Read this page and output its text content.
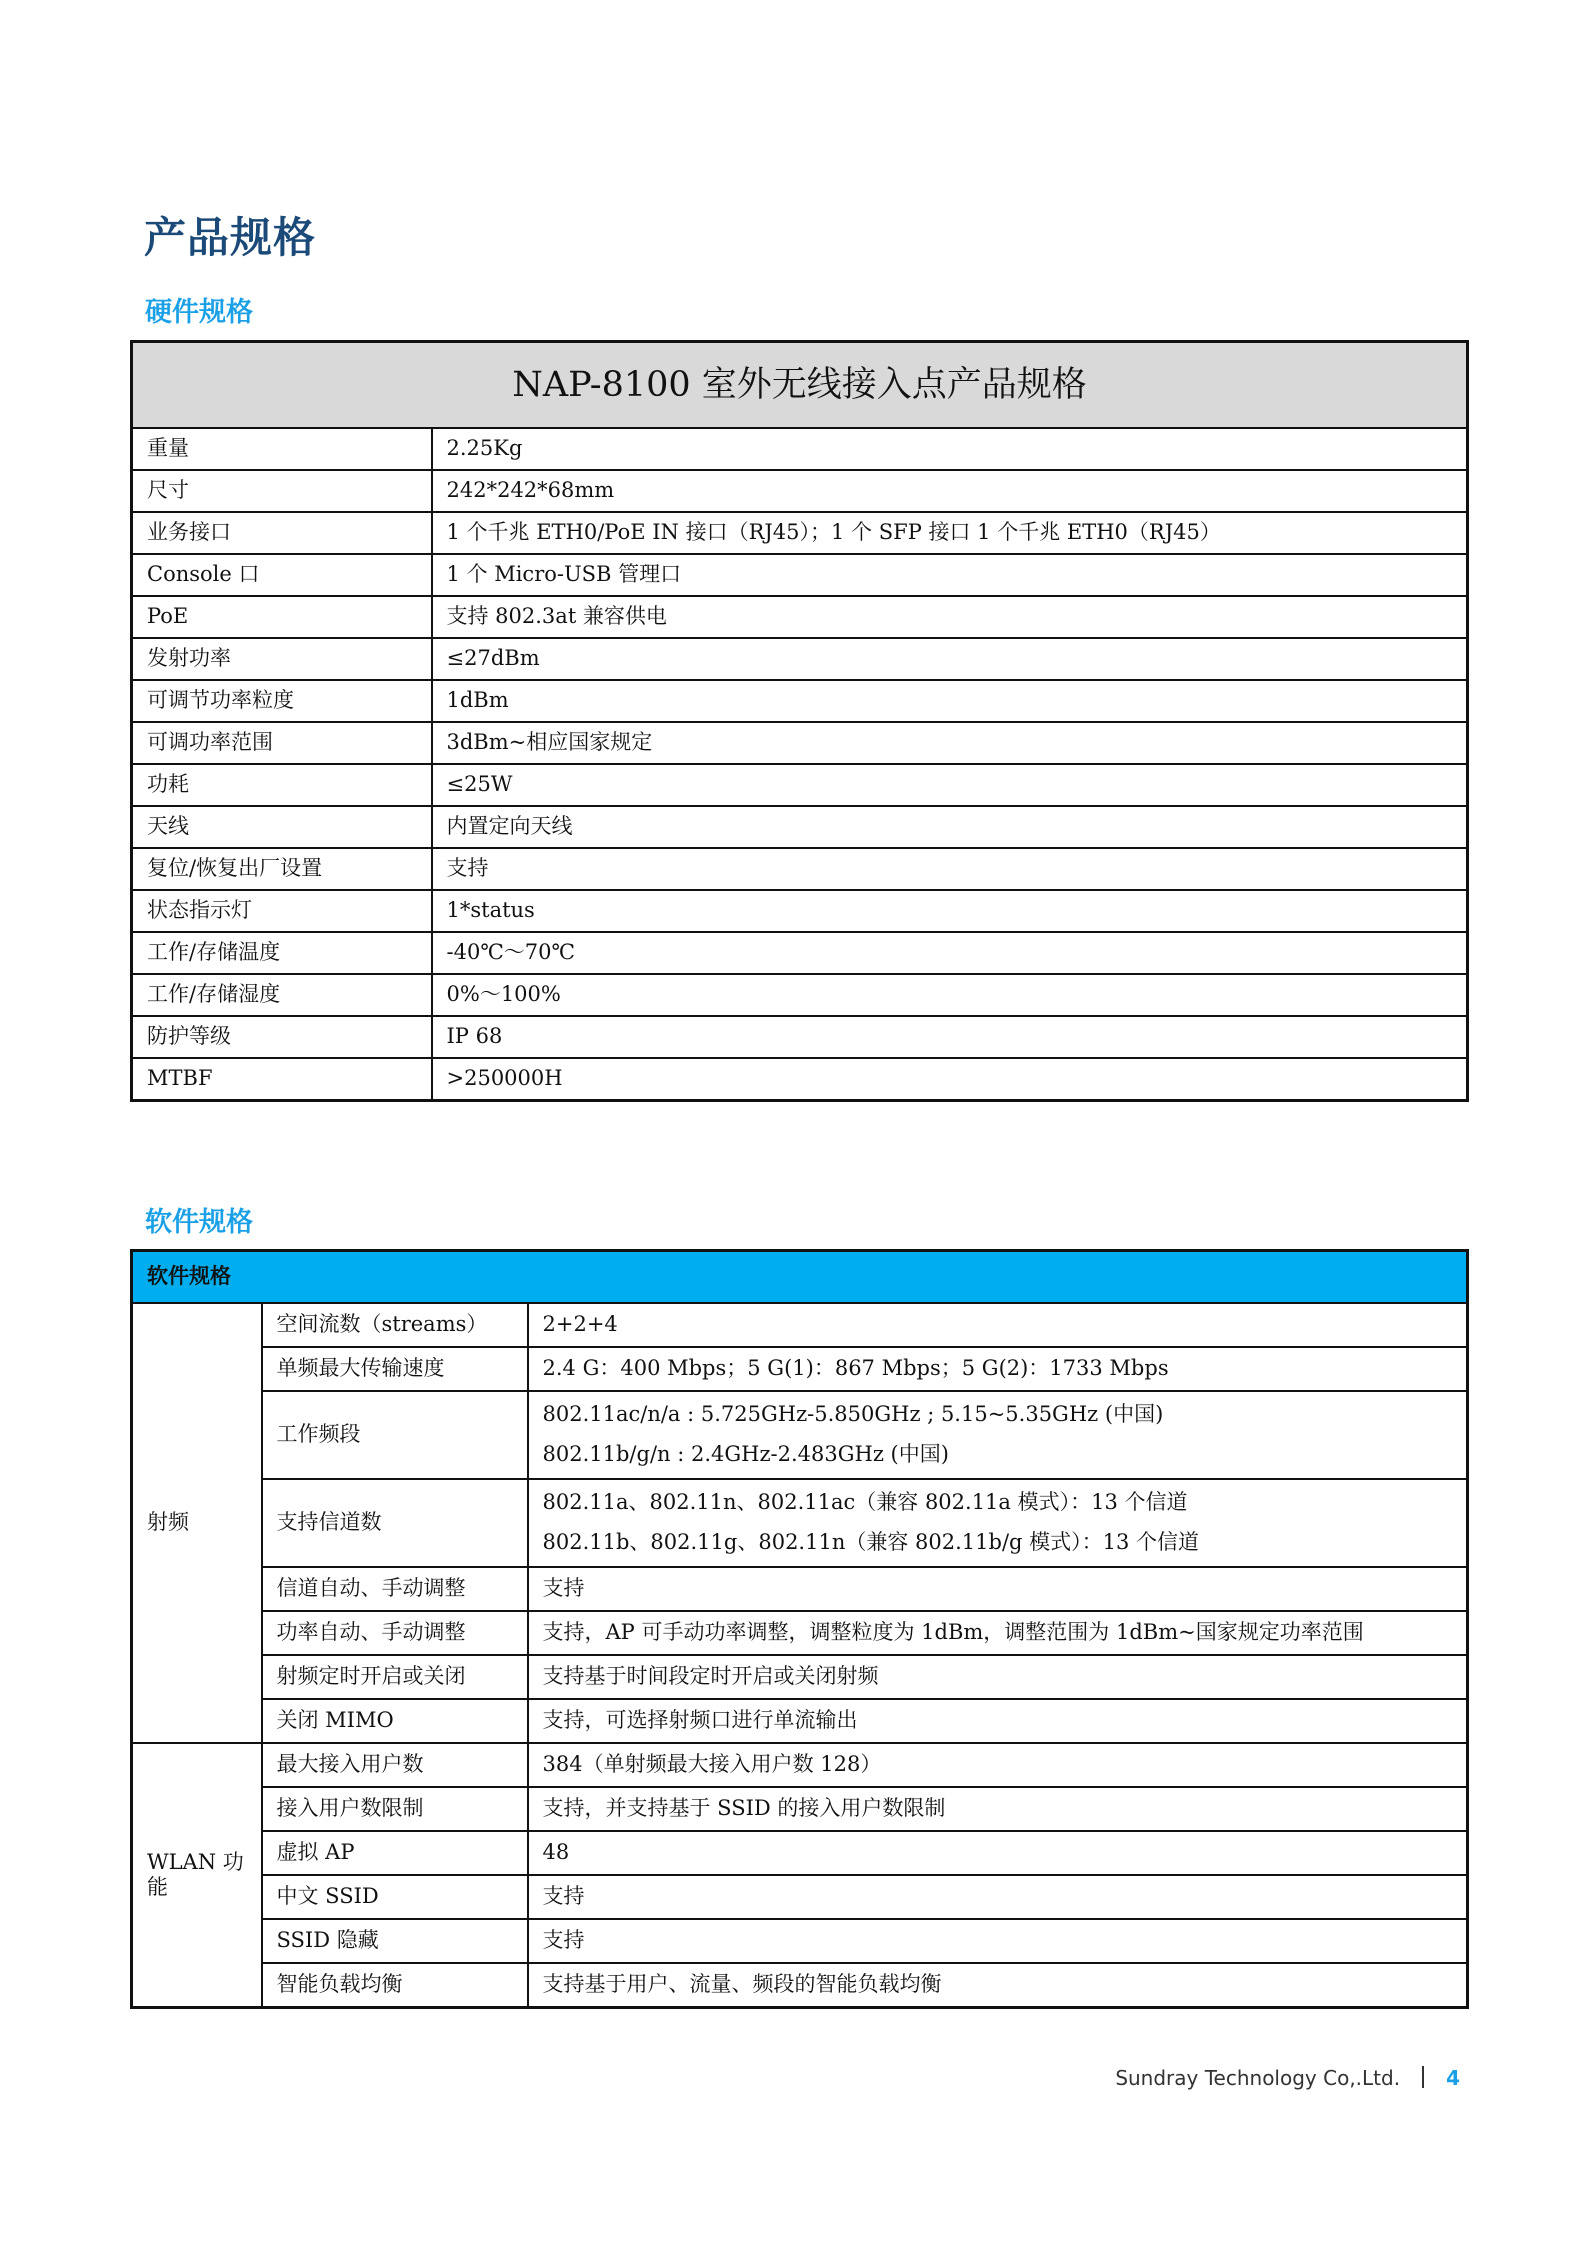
产品规格
硬件规格
NAP-8100 室外无线接入点产品规格	
重量	2.25Kg
尺寸	242*242*68mm
业务接口	1 个千兆 ETH0/PoE IN 接口（RJ45）；1 个 SFP 接口 1 个千兆 ETH0（RJ45）
Console 口	1 个 Micro-USB 管理口
PoE	支持 802.3at 兼容供电
发射功率	≤27dBm
可调节功率粒度	1dBm
可调功率范围	3dBm~相应国家规定
功耗	≤25W
天线	内置定向天线
复位/恢复出厂设置	支持
状态指示灯	1*status
工作/存储温度	-40℃～70℃
工作/存储湿度	0%～100%
防护等级	IP 68
MTBF	>250000H
软件规格
软件规格		
射频	空间流数（streams）	2+2+4
	单频最大传输速度	2.4 G：400 Mbps；5 G(1)：867 Mbps；5 G(2)：1733 Mbps
	工作频段	802.11ac/n/a : 5.725GHz-5.850GHz ; 5.15~5.35GHz (中国)
802.11b/g/n : 2.4GHz-2.483GHz (中国)

	支持信道数	802.11a、802.11n、802.11ac（兼容 802.11a 模式）：13 个信道
802.11b、802.11g、802.11n（兼容 802.11b/g 模式）：13 个信道

	信道自动、手动调整	支持
	功率自动、手动调整	支持，AP 可手动功率调整，调整粒度为 1dBm，调整范围为 1dBm~国家规定功率范围
	射频定时开启或关闭	支持基于时间段定时开启或关闭射频
	关闭 MIMO	支持，可选择射频口进行单流输出
WLAN 功能	最大接入用户数	384（单射频最大接入用户数 128）
	接入用户数限制	支持，并支持基于 SSID 的接入用户数限制
	虚拟 AP	48
	中文 SSID	支持
	SSID 隐藏	支持
	智能负载均衡	支持基于用户、流量、频段的智能负载均衡
Sundray Technology Co,.Ltd. 4
